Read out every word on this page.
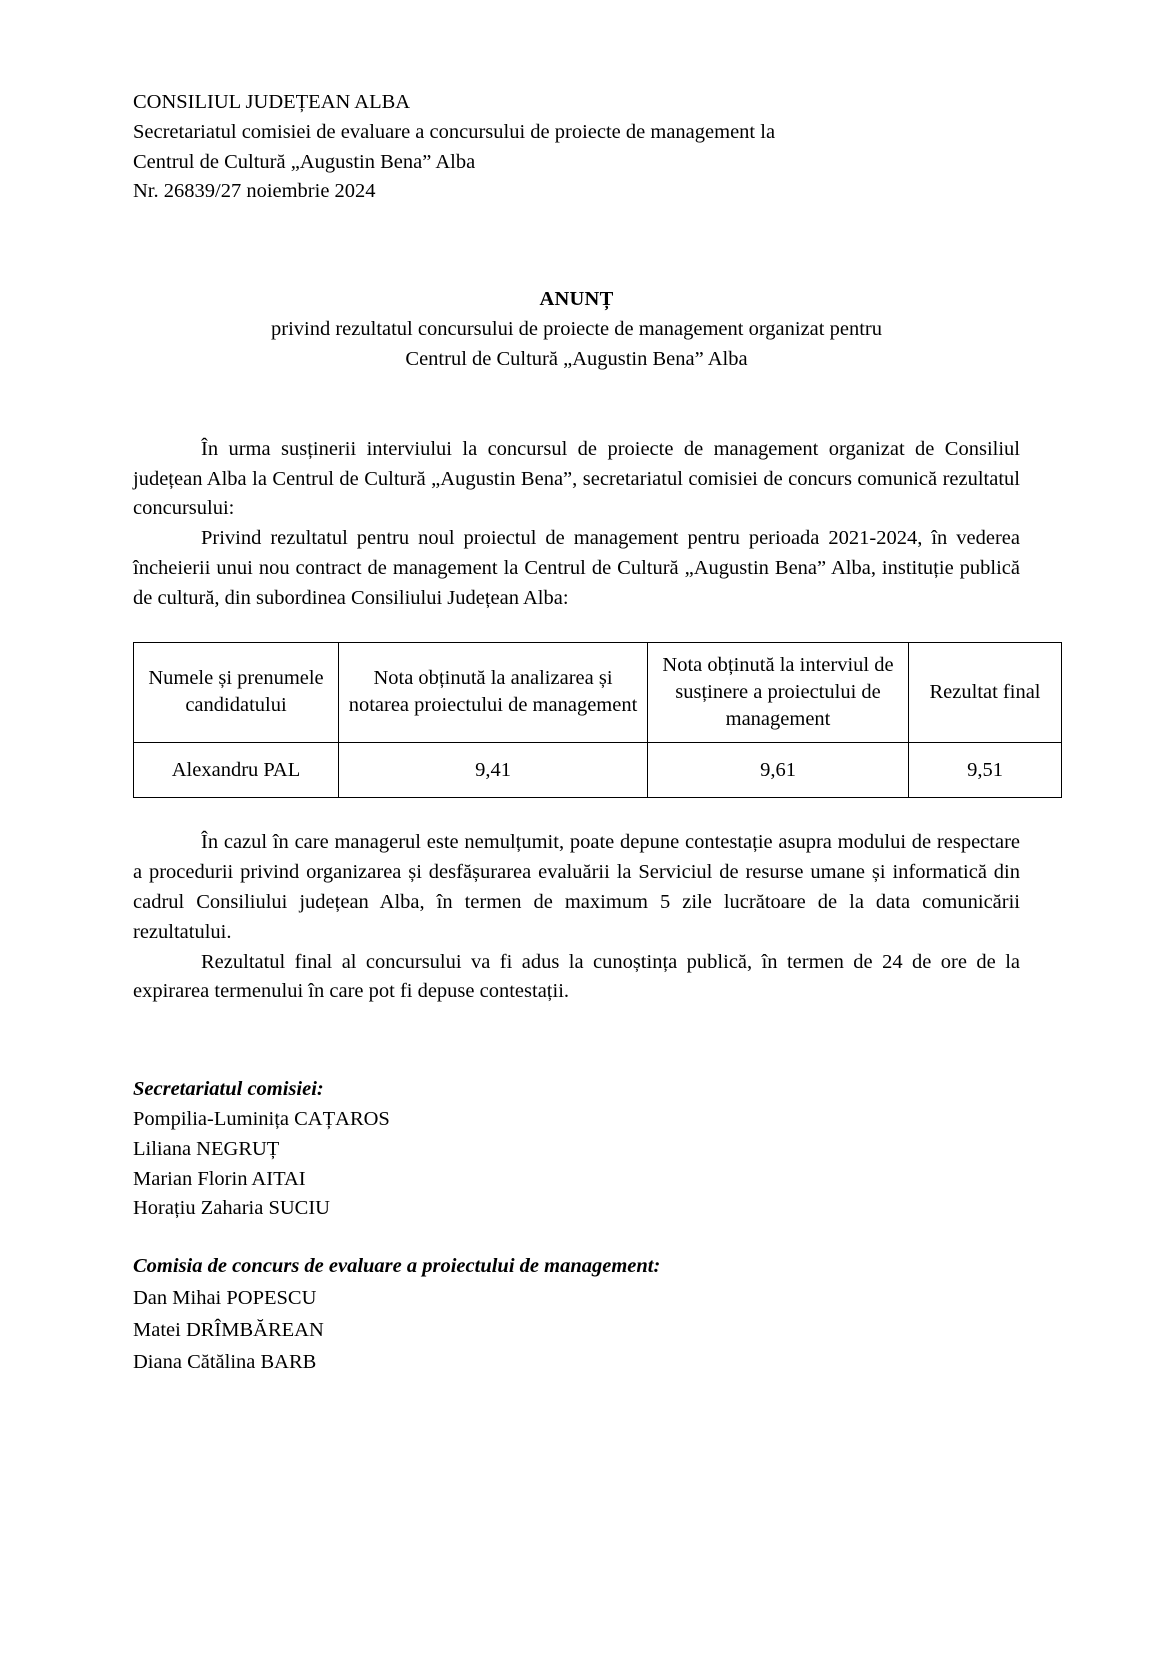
CONSILIUL JUDEȚEAN ALBA
Secretariatul comisiei de evaluare a concursului de proiecte de management la
Centrul de Cultură „Augustin Bena” Alba
Nr. 26839/27 noiembrie 2024
ANUNȚ
privind rezultatul concursului de proiecte de management organizat pentru
Centrul de Cultură „Augustin Bena” Alba

În urma susținerii interviului la concursul de proiecte de management organizat de Consiliul județean Alba la Centrul de Cultură „Augustin Bena”, secretariatul comisiei de concurs comunică rezultatul concursului:

Privind rezultatul pentru noul proiectul de management pentru perioada 2021-2024, în vederea încheierii unui nou contract de management la Centrul de Cultură „Augustin Bena” Alba, instituție publică de cultură, din subordinea Consiliului Județean Alba:

Numele și prenumele candidatului	Nota obținută la analizarea și notarea proiectului de management	Nota obținută la interviul de susținere a proiectului de management	Rezultat final
Alexandru PAL	9,41	9,61	9,51

În cazul în care managerul este nemulțumit, poate depune contestație asupra modului de respectare a procedurii privind organizarea și desfășurarea evaluării la Serviciul de resurse umane și informatică din cadrul Consiliului județean Alba, în termen de maximum 5 zile lucrătoare de la data comunicării rezultatului.

Rezultatul final al concursului va fi adus la cunoștința publică, în termen de 24 de ore de la expirarea termenului în care pot fi depuse contestații.

Secretariatul comisiei:
Pompilia-Luminița CAȚAROS
Liliana NEGRUȚ
Marian Florin AITAI
Horațiu Zaharia SUCIU
Comisia de concurs de evaluare a proiectului de management:
Dan Mihai POPESCU
Matei DRÎMBĂREAN
Diana Cătălina BARB
